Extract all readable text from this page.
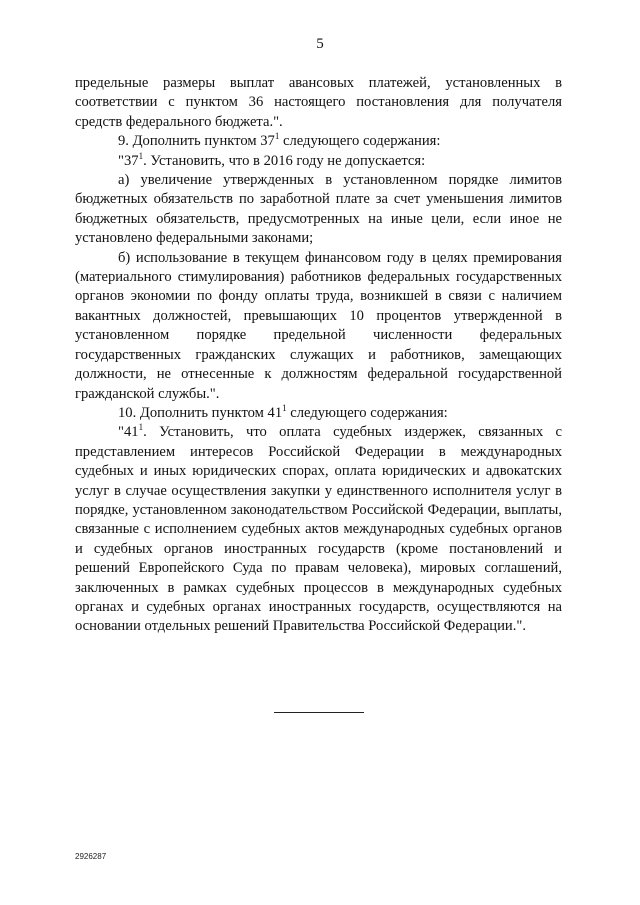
5

предельные размеры выплат авансовых платежей, установленных в соответствии с пунктом 36 настоящего постановления для получателя средств федерального бюджета.".

9. Дополнить пунктом $37^1$ следующего содержания:

"$37^1$. Установить, что в 2016 году не допускается:

а) увеличение утвержденных в установленном порядке лимитов бюджетных обязательств по заработной плате за счет уменьшения лимитов бюджетных обязательств, предусмотренных на иные цели, если иное не установлено федеральными законами;

б) использование в текущем финансовом году в целях премирования (материального стимулирования) работников федеральных государственных органов экономии по фонду оплаты труда, возникшей в связи с наличием вакантных должностей, превышающих 10 процентов утвержденной в установленном порядке предельной численности федеральных государственных гражданских служащих и работников, замещающих должности, не отнесенные к должностям федеральной государственной гражданской службы.".

10. Дополнить пунктом $41^1$ следующего содержания:

"$41^1$. Установить, что оплата судебных издержек, связанных с представлением интересов Российской Федерации в международных судебных и иных юридических спорах, оплата юридических и адвокатских услуг в случае осуществления закупки у единственного исполнителя услуг в порядке, установленном законодательством Российской Федерации, выплаты, связанные с исполнением судебных актов международных судебных органов и судебных органов иностранных государств (кроме постановлений и решений Европейского Суда по правам человека), мировых соглашений, заключенных в рамках судебных процессов в международных судебных органах и судебных органах иностранных государств, осуществляются на основании отдельных решений Правительства Российской Федерации.".

2926287
